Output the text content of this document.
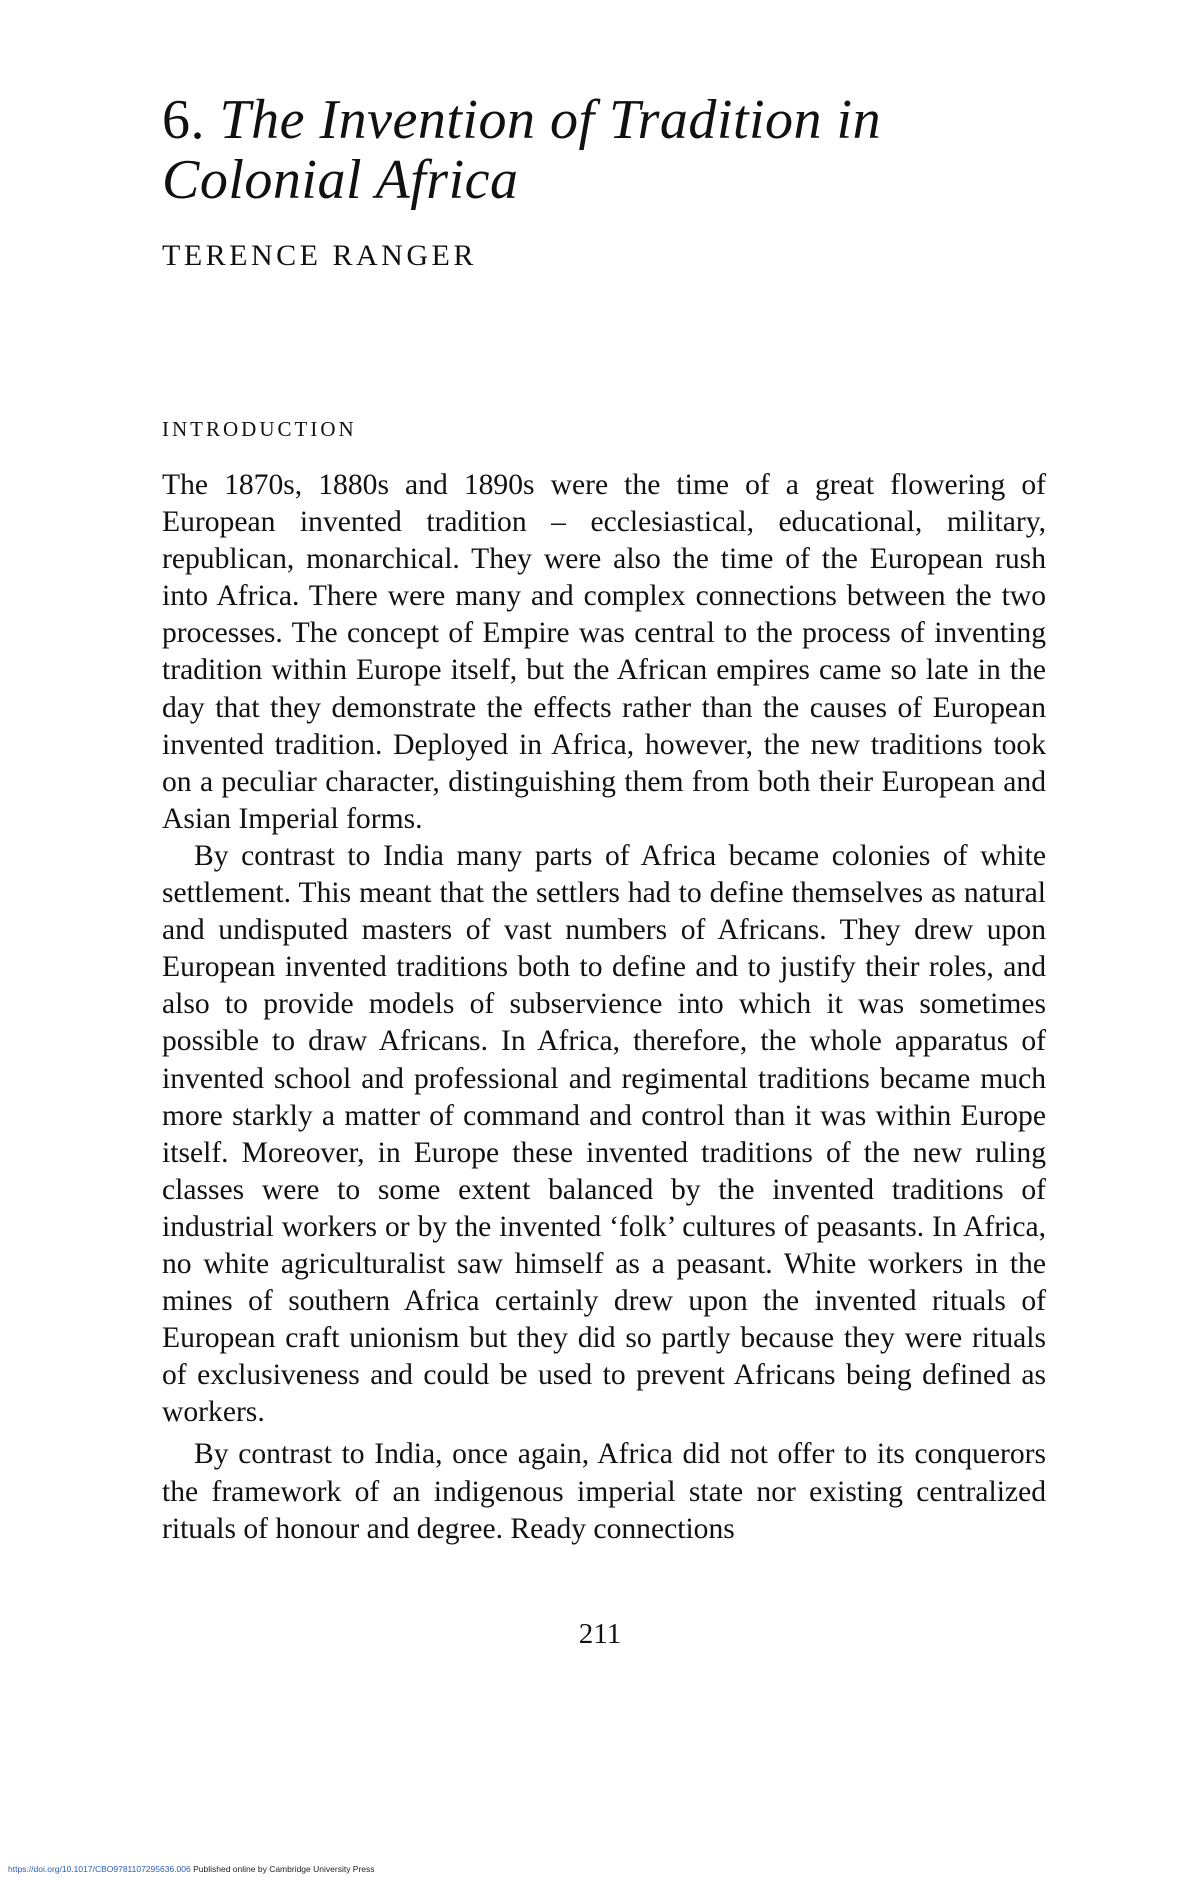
6. The Invention of Tradition in Colonial Africa
TERENCE RANGER
INTRODUCTION

The 1870s, 1880s and 1890s were the time of a great flowering of European invented tradition – ecclesiastical, educational, military, republican, monarchical. They were also the time of the European rush into Africa. There were many and complex connections between the two processes. The concept of Empire was central to the process of inventing tradition within Europe itself, but the African empires came so late in the day that they demonstrate the effects rather than the causes of European invented tradition. Deployed in Africa, however, the new traditions took on a peculiar character, distinguishing them from both their European and Asian Imperial forms.

By contrast to India many parts of Africa became colonies of white settlement. This meant that the settlers had to define themselves as natural and undisputed masters of vast numbers of Africans. They drew upon European invented traditions both to define and to justify their roles, and also to provide models of subservience into which it was sometimes possible to draw Africans. In Africa, therefore, the whole apparatus of invented school and professional and regimental traditions became much more starkly a matter of command and control than it was within Europe itself. Moreover, in Europe these invented traditions of the new ruling classes were to some extent balanced by the invented traditions of industrial workers or by the invented ‘folk’ cultures of peasants. In Africa, no white agriculturalist saw himself as a peasant. White workers in the mines of southern Africa certainly drew upon the invented rituals of European craft unionism but they did so partly because they were rituals of exclusiveness and could be used to prevent Africans being defined as workers.

By contrast to India, once again, Africa did not offer to its conquerors the framework of an indigenous imperial state nor existing centralized rituals of honour and degree. Ready connections

211

https://doi.org/10.1017/CBO9781107295636.006 Published online by Cambridge University Press
